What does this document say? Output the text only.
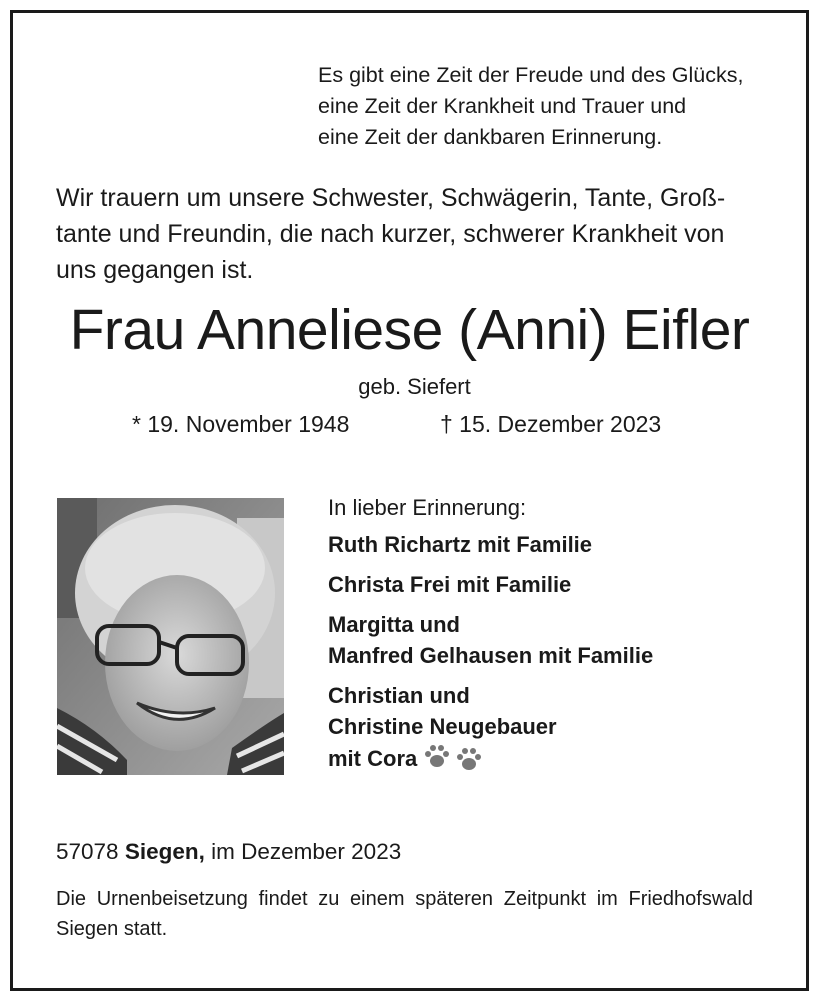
Es gibt eine Zeit der Freude und des Glücks,
eine Zeit der Krankheit und Trauer und
eine Zeit der dankbaren Erinnerung.
Wir trauern um unsere Schwester, Schwägerin, Tante, Groß-
tante und Freundin, die nach kurzer, schwerer Krankheit von
uns gegangen ist.
Frau Anneliese (Anni) Eifler
geb. Siefert
* 19. November 1948	† 15. Dezember 2023
In lieber Erinnerung:
Ruth Richartz mit Familie
Christa Frei mit Familie
Margitta und
Manfred Gelhausen mit Familie
Christian und
Christine Neugebauer
mit Cora
57078 Siegen, im Dezember 2023
Die Urnenbeisetzung findet zu einem späteren Zeitpunkt im Friedhofswald Siegen statt.
